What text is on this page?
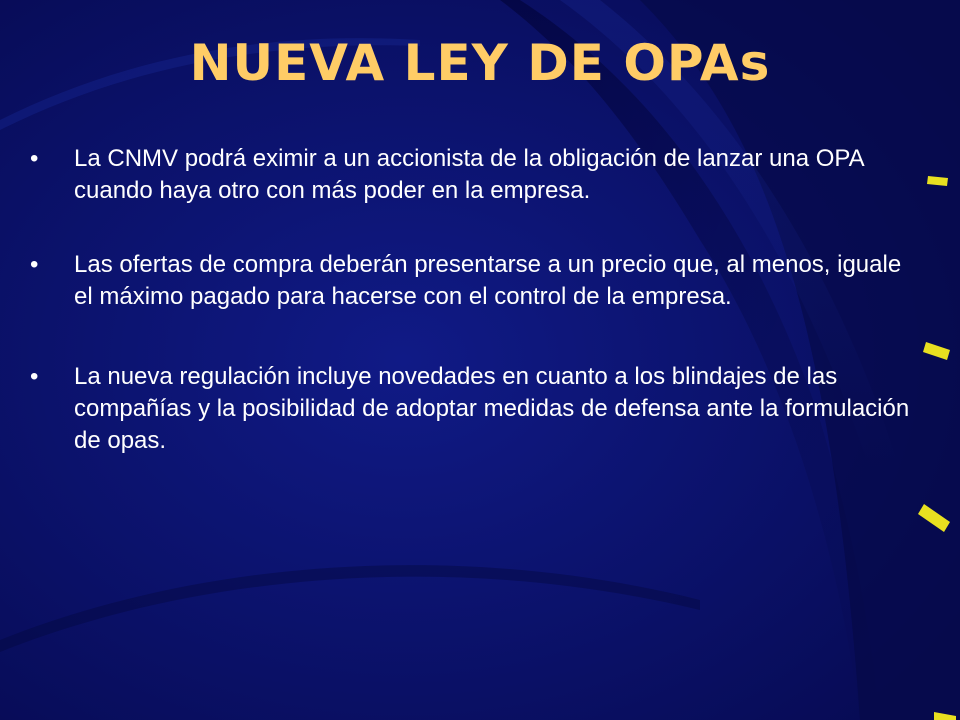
NUEVA LEY DE OPAs
•	La CNMV podrá eximir a un accionista de la obligación de lanzar una OPA cuando haya otro con más poder en la empresa.
•	Las ofertas de compra deberán presentarse a un precio que, al menos, iguale el máximo pagado para hacerse con el control de la empresa.
•	La nueva regulación incluye novedades en cuanto a los blindajes de las compañías y la posibilidad de adoptar medidas de defensa ante la formulación de opas.
